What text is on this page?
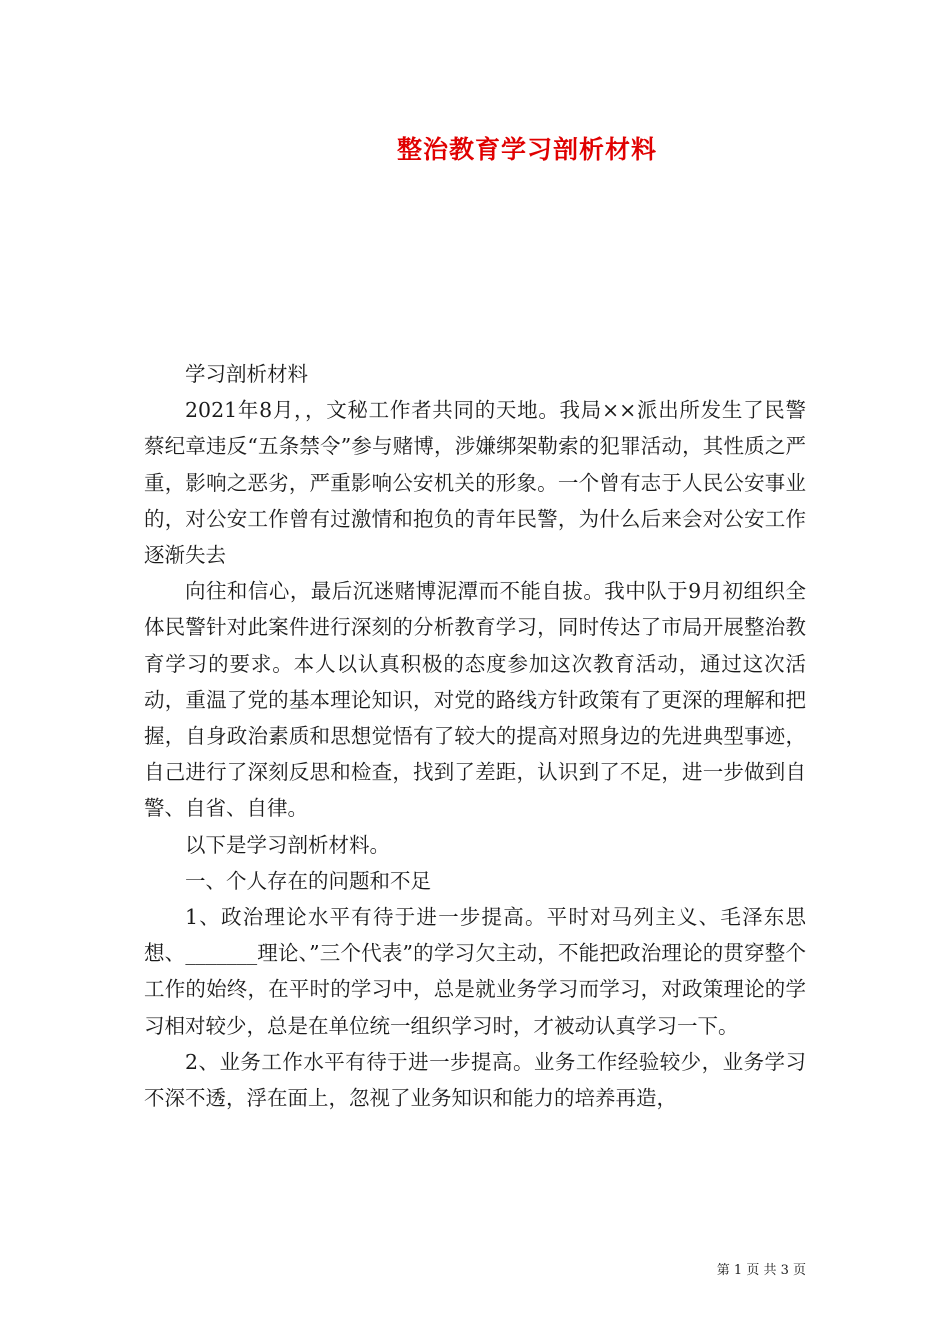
整治教育学习剖析材料

学习剖析材料

2021年8月，，文秘工作者共同的天地。我局××派出所发生了民警蔡纪章违反“五条禁令”参与赌博，涉嫌绑架勒索的犯罪活动，其性质之严重，影响之恶劣，严重影响公安机关的形象。一个曾有志于人民公安事业的，对公安工作曾有过激情和抱负的青年民警，为什么后来会对公安工作逐渐失去

向往和信心，最后沉迷赌博泥潭而不能自拔。我中队于9月初组织全体民警针对此案件进行深刻的分析教育学习，同时传达了市局开展整治教育学习的要求。本人以认真积极的态度参加这次教育活动，通过这次活动，重温了党的基本理论知识，对党的路线方针政策有了更深的理解和把握，自身政治素质和思想觉悟有了较大的提高对照身边的先进典型事迹，自己进行了深刻反思和检查，找到了差距，认识到了不足，进一步做到自警、自省、自律。

以下是学习剖析材料。

一、个人存在的问题和不足

1、政治理论水平有待于进一步提高。平时对马列主义、毛泽东思想、_______理论、”三个代表”的学习欠主动，不能把政治理论的贯穿整个工作的始终，在平时的学习中，总是就业务学习而学习，对政策理论的学习相对较少，总是在单位统一组织学习时，才被动认真学习一下。

2、业务工作水平有待于进一步提高。业务工作经验较少，业务学习不深不透，浮在面上，忽视了业务知识和能力的培养再造，

第 1 页 共 3 页
